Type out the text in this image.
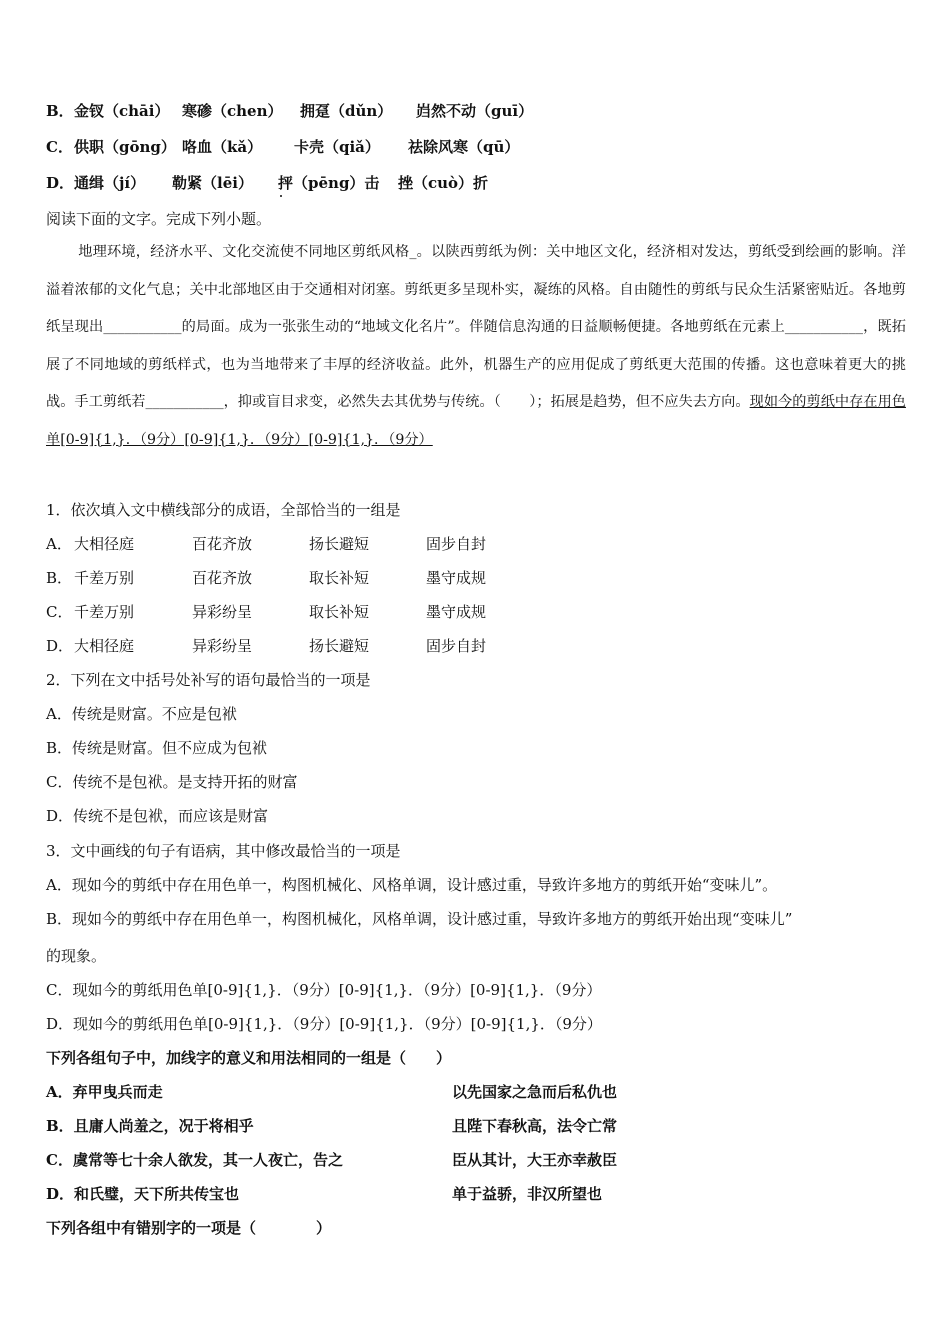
B． 金钗（chāi） 寒碜（chen） 拥趸（dǔn） 岿然不动（guī）
C． 供职（gōng） 咯血（kǎ） 卡壳（qiǎ） 祛除风寒（qū）
D． 通缉（jí） 勒紧（lēi） 抨（pēng）击 挫（cuò）折
阅读下面的文字。完成下列小题。
地理环境，经济水平、文化交流使不同地区剪纸风格_。以陕西剪纸为例：关中地区文化，经济相对发达，剪纸受到绘画的影响。洋溢着浓郁的文化气息；关中北部地区由于交通相对闭塞。剪纸更多呈现朴实，凝练的风格。自由随性的剪纸与民众生活紧密贴近。各地剪纸呈现出___________的局面。成为一张张生动的“地域文化名片”。伴随信息沟通的日益顺畅便捷。各地剪纸在元素上___________，既拓展了不同地域的剪纸样式，也为当地带来了丰厚的经济收益。此外，机器生产的应用促成了剪纸更大范围的传播。这也意味着更大的挑战。手工剪纸若___________，抑或盲目求变，必然失去其优势与传统。（　　）；拓展是趋势，但不应失去方向。现如今的剪纸中存在用色单[0-9]{1,}．（9分）[0-9]{1,}．（9分）[0-9]{1,}．（9分）
1．依次填入文中横线部分的成语，全部恰当的一组是
A． 大相径庭	百花齐放	扬长避短	固步自封
B． 千差万别	百花齐放	取长补短	墨守成规
C． 千差万别	异彩纷呈	取长补短	墨守成规
D． 大相径庭	异彩纷呈	扬长避短	固步自封
2．下列在文中括号处补写的语句最恰当的一项是
A．传统是财富。不应是包袱
B．传统是财富。但不应成为包袱
C．传统不是包袱。是支持开拓的财富
D．传统不是包袱，而应该是财富
3．文中画线的句子有语病，其中修改最恰当的一项是
A．现如今的剪纸中存在用色单一，构图机械化、风格单调，设计感过重，导致许多地方的剪纸开始“变味儿”。
B．现如今的剪纸中存在用色单一，构图机械化，风格单调，设计感过重，导致许多地方的剪纸开始出现“变味儿”
的现象。
C．现如今的剪纸用色单[0-9]{1,}．（9分）[0-9]{1,}．（9分）[0-9]{1,}．（9分）
D．现如今的剪纸用色单[0-9]{1,}．（9分）[0-9]{1,}．（9分）[0-9]{1,}．（9分）
下列各组句子中，加线字的意义和用法相同的一组是（　　）
A．弃甲曳兵而走	以先国家之急而后私仇也
B．且庸人尚羞之，况于将相乎	且陛下春秋高，法令亡常
C．虞常等七十余人欲发，其一人夜亡，告之	臣从其计，大王亦幸赦臣
D．和氏璧，天下所共传宝也	单于益骄，非汉所望也
下列各组中有错别字的一项是（　　　　）
